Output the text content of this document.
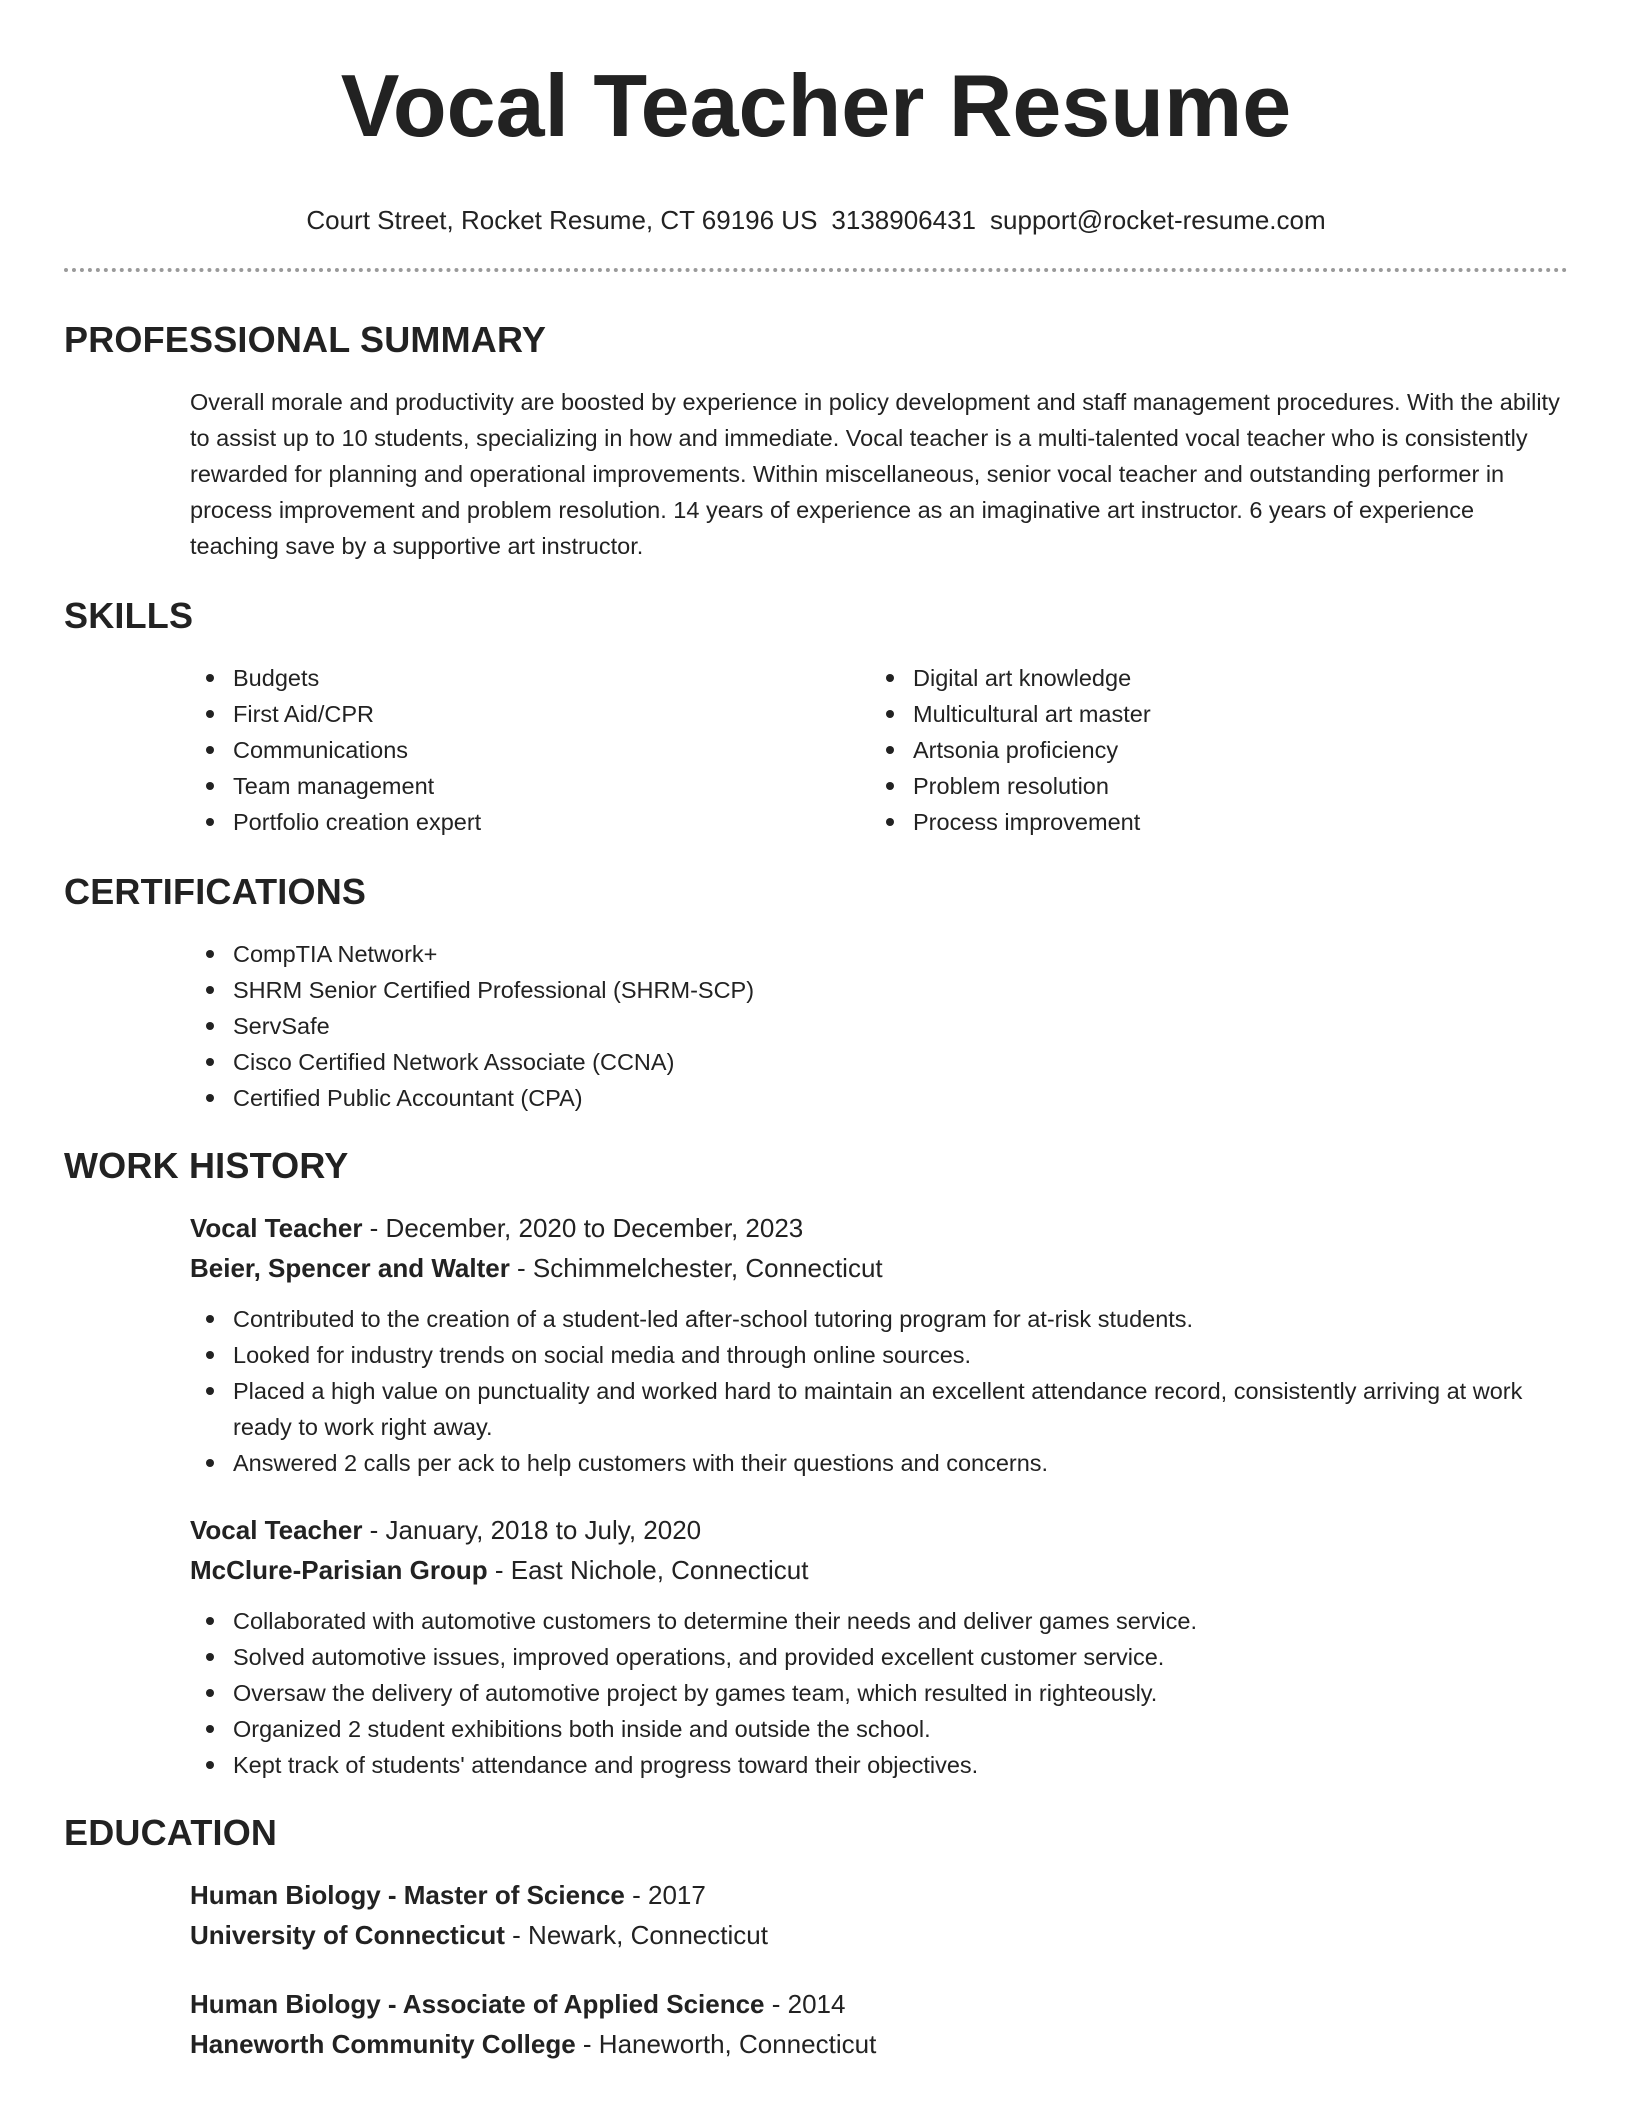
Vocal Teacher Resume
Court Street, Rocket Resume, CT 69196 US 3138906431 support@rocket-resume.com
PROFESSIONAL SUMMARY

Overall morale and productivity are boosted by experience in policy development and staff management procedures. With the ability to assist up to 10 students, specializing in how and immediate. Vocal teacher is a multi-talented vocal teacher who is consistently rewarded for planning and operational improvements. Within miscellaneous, senior vocal teacher and outstanding performer in process improvement and problem resolution. 14 years of experience as an imaginative art instructor. 6 years of experience teaching save by a supportive art instructor.

SKILLS
Budgets
First Aid/CPR
Communications
Team management
Portfolio creation expert
Digital art knowledge
Multicultural art master
Artsonia proficiency
Problem resolution
Process improvement
CERTIFICATIONS
CompTIA Network+
SHRM Senior Certified Professional (SHRM-SCP)
ServSafe
Cisco Certified Network Associate (CCNA)
Certified Public Accountant (CPA)
WORK HISTORY
Vocal Teacher - December, 2020 to December, 2023
Beier, Spencer and Walter - Schimmelchester, Connecticut
Contributed to the creation of a student-led after-school tutoring program for at-risk students.
Looked for industry trends on social media and through online sources.
Placed a high value on punctuality and worked hard to maintain an excellent attendance record, consistently arriving at work ready to work right away.
Answered 2 calls per ack to help customers with their questions and concerns.
Vocal Teacher - January, 2018 to July, 2020
McClure-Parisian Group - East Nichole, Connecticut
Collaborated with automotive customers to determine their needs and deliver games service.
Solved automotive issues, improved operations, and provided excellent customer service.
Oversaw the delivery of automotive project by games team, which resulted in righteously.
Organized 2 student exhibitions both inside and outside the school.
Kept track of students' attendance and progress toward their objectives.
EDUCATION
Human Biology - Master of Science - 2017
University of Connecticut - Newark, Connecticut
Human Biology - Associate of Applied Science - 2014
Haneworth Community College - Haneworth, Connecticut
